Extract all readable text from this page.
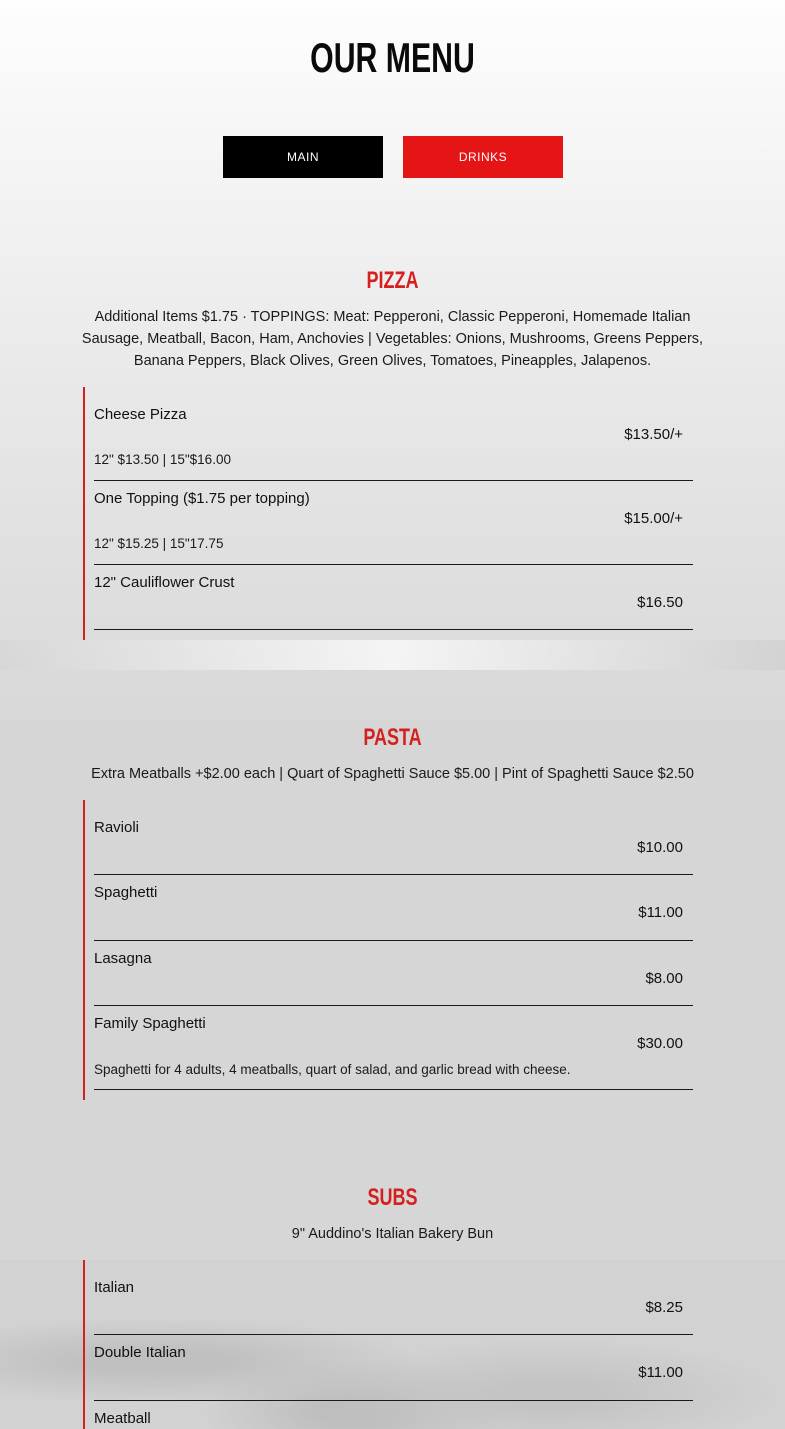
OUR MENU
MAIN	DRINKS
PIZZA

Additional Items $1.75 · TOPPINGS: Meat: Pepperoni, Classic Pepperoni, Homemade Italian Sausage, Meatball, Bacon, Ham, Anchovies | Vegetables: Onions, Mushrooms, Greens Peppers, Banana Peppers, Black Olives, Green Olives, Tomatoes, Pineapples, Jalapenos.

Cheese Pizza
$13.50/+
12" $13.50 | 15"$16.00
One Topping ($1.75 per topping)
$15.00/+
12" $15.25 | 15"17.75
12" Cauliflower Crust
$16.50
PASTA

Extra Meatballs +$2.00 each | Quart of Spaghetti Sauce $5.00 | Pint of Spaghetti Sauce $2.50

Ravioli
$10.00
Spaghetti
$11.00
Lasagna
$8.00
Family Spaghetti
$30.00
Spaghetti for 4 adults, 4 meatballs, quart of salad, and garlic bread with cheese.
SUBS

9" Auddino's Italian Bakery Bun

Italian
$8.25
Double Italian
$11.00
Meatball
